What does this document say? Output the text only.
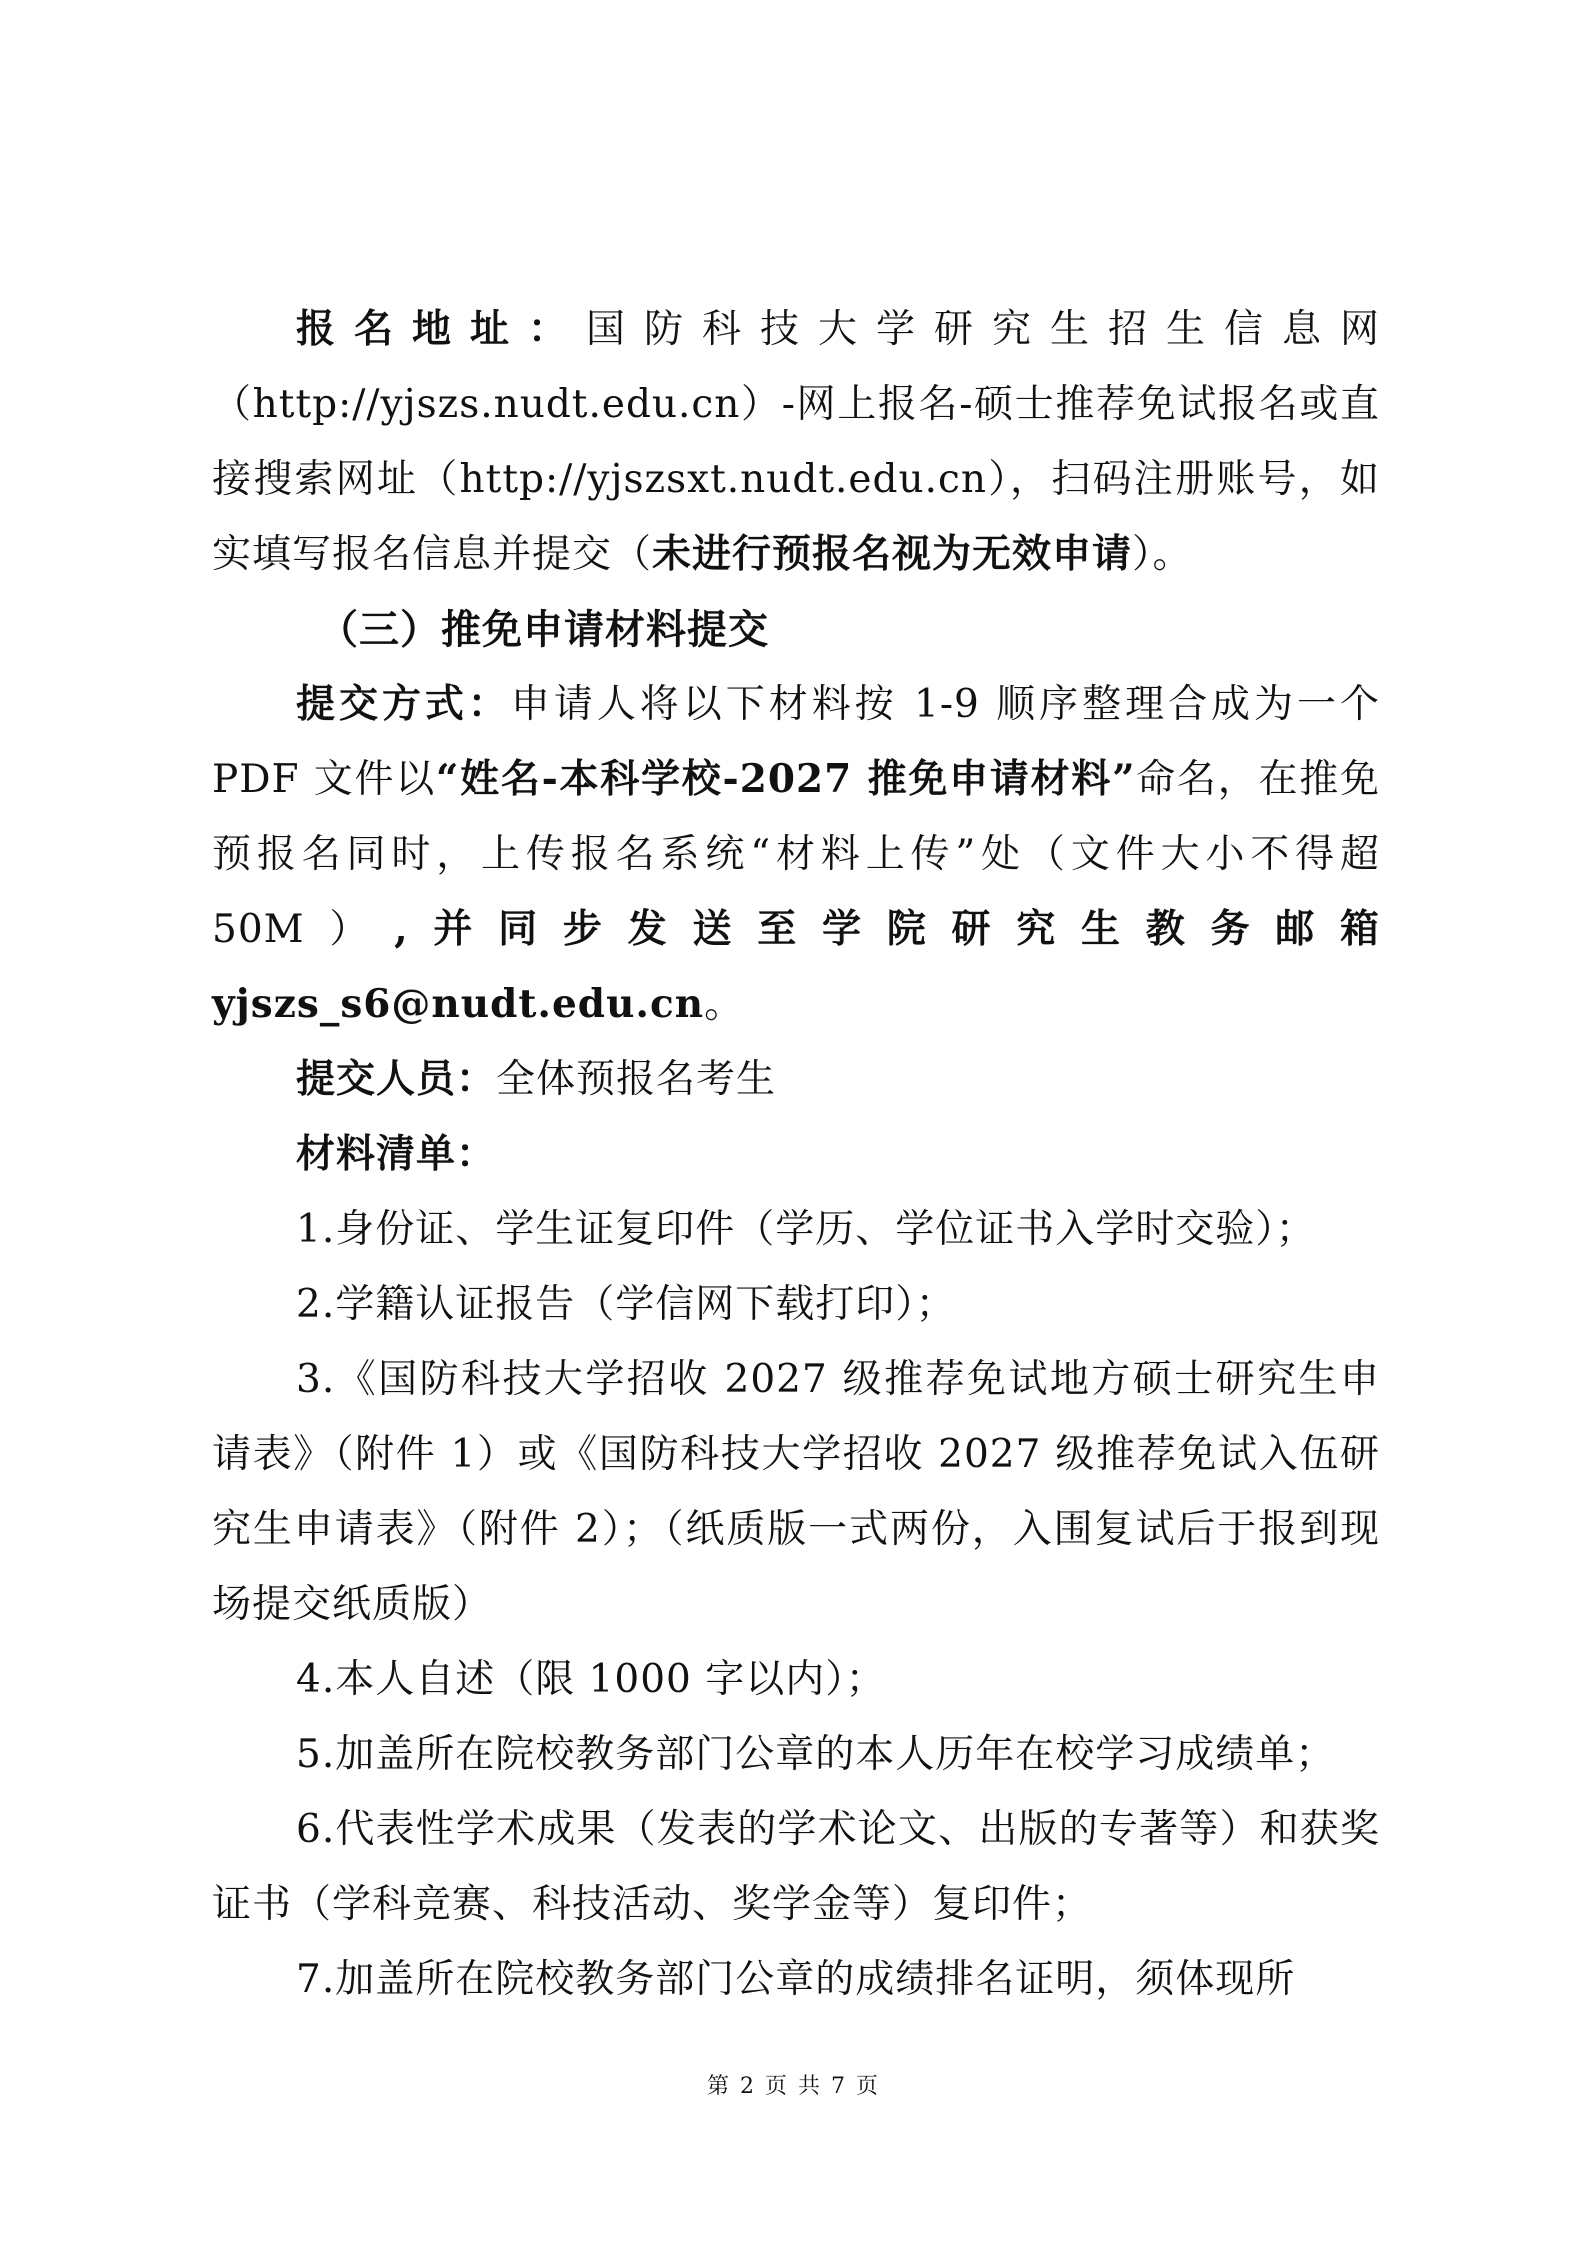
报名地址：国防科技大学研究生招生信息网（http://yjszs.nudt.edu.cn）-网上报名-硕士推荐免试报名或直接搜索网址（http://yjszsxt.nudt.edu.cn），扫码注册账号，如实填写报名信息并提交（未进行预报名视为无效申请）。

（三）推免申请材料提交

提交方式：申请人将以下材料按 1-9 顺序整理合成为一个 PDF 文件以“姓名-本科学校-2027 推免申请材料”命名，在推免预报名同时，上传报名系统“材料上传”处（文件大小不得超 50M）,并同步发送至学院研究生教务邮箱 yjszs_s6@nudt.edu.cn。

提交人员：全体预报名考生

材料清单：

1.身份证、学生证复印件（学历、学位证书入学时交验）；

2.学籍认证报告（学信网下载打印）；

3.《国防科技大学招收 2027 级推荐免试地方硕士研究生申请表》（附件 1）或《国防科技大学招收 2027 级推荐免试入伍研究生申请表》（附件 2）；（纸质版一式两份，入围复试后于报到现场提交纸质版）

4.本人自述（限 1000 字以内）；

5.加盖所在院校教务部门公章的本人历年在校学习成绩单；

6.代表性学术成果（发表的学术论文、出版的专著等）和获奖证书（学科竞赛、科技活动、奖学金等）复印件；

7.加盖所在院校教务部门公章的成绩排名证明，须体现所

第 2 页 共 7 页
